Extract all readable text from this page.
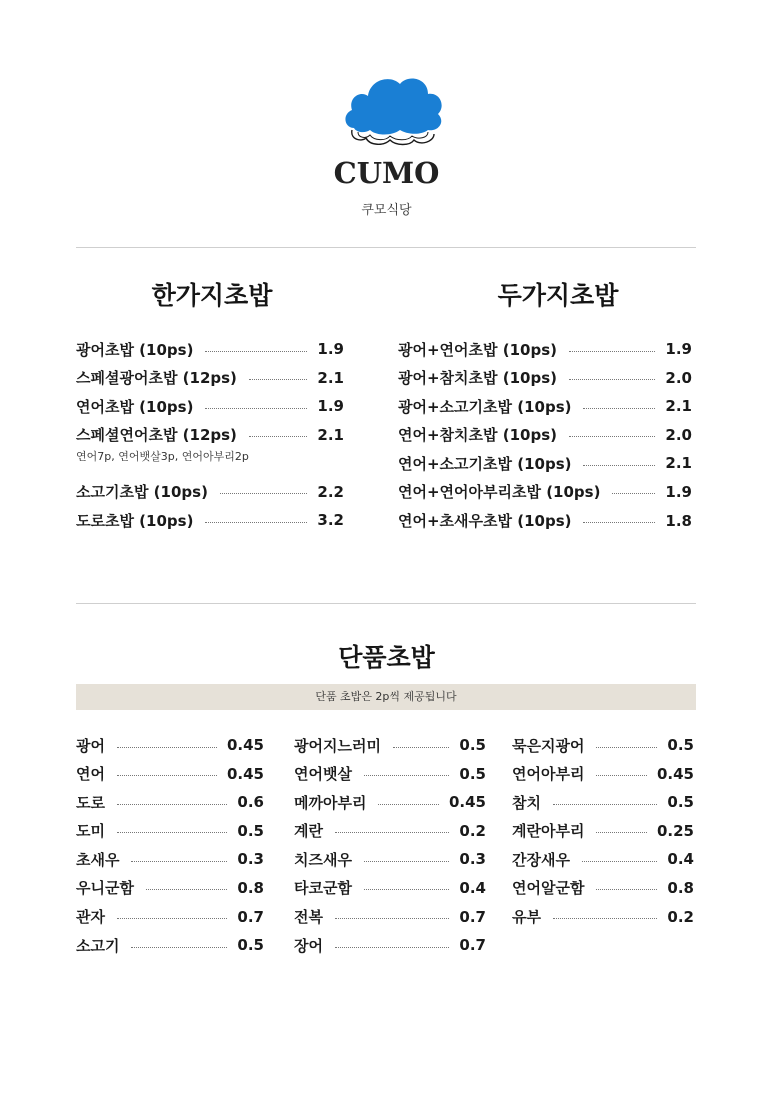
CUMO
쿠모식당
한가지초밥
광어초밥 (10ps)	1.9
스페셜광어초밥 (12ps)	2.1
연어초밥 (10ps)	1.9
스페셜연어초밥 (12ps)	2.1
연어7p, 연어뱃살3p, 연어아부리2p
소고기초밥 (10ps)	2.2
도로초밥 (10ps)	3.2
두가지초밥
광어+연어초밥 (10ps)	1.9
광어+참치초밥 (10ps)	2.0
광어+소고기초밥 (10ps)	2.1
연어+참치초밥 (10ps)	2.0
연어+소고기초밥 (10ps)	2.1
연어+연어아부리초밥 (10ps)	1.9
연어+초새우초밥 (10ps)	1.8
단품초밥
단품 초밥은 2p씩 제공됩니다
광어	0.45
연어	0.45
도로	0.6
도미	0.5
초새우	0.3
우니군함	0.8
관자	0.7
소고기	0.5
광어지느러미	0.5
연어뱃살	0.5
메까아부리	0.45
계란	0.2
치즈새우	0.3
타코군함	0.4
전복	0.7
장어	0.7
묵은지광어	0.5
연어아부리	0.45
참치	0.5
계란아부리	0.25
간장새우	0.4
연어알군함	0.8
유부	0.2
